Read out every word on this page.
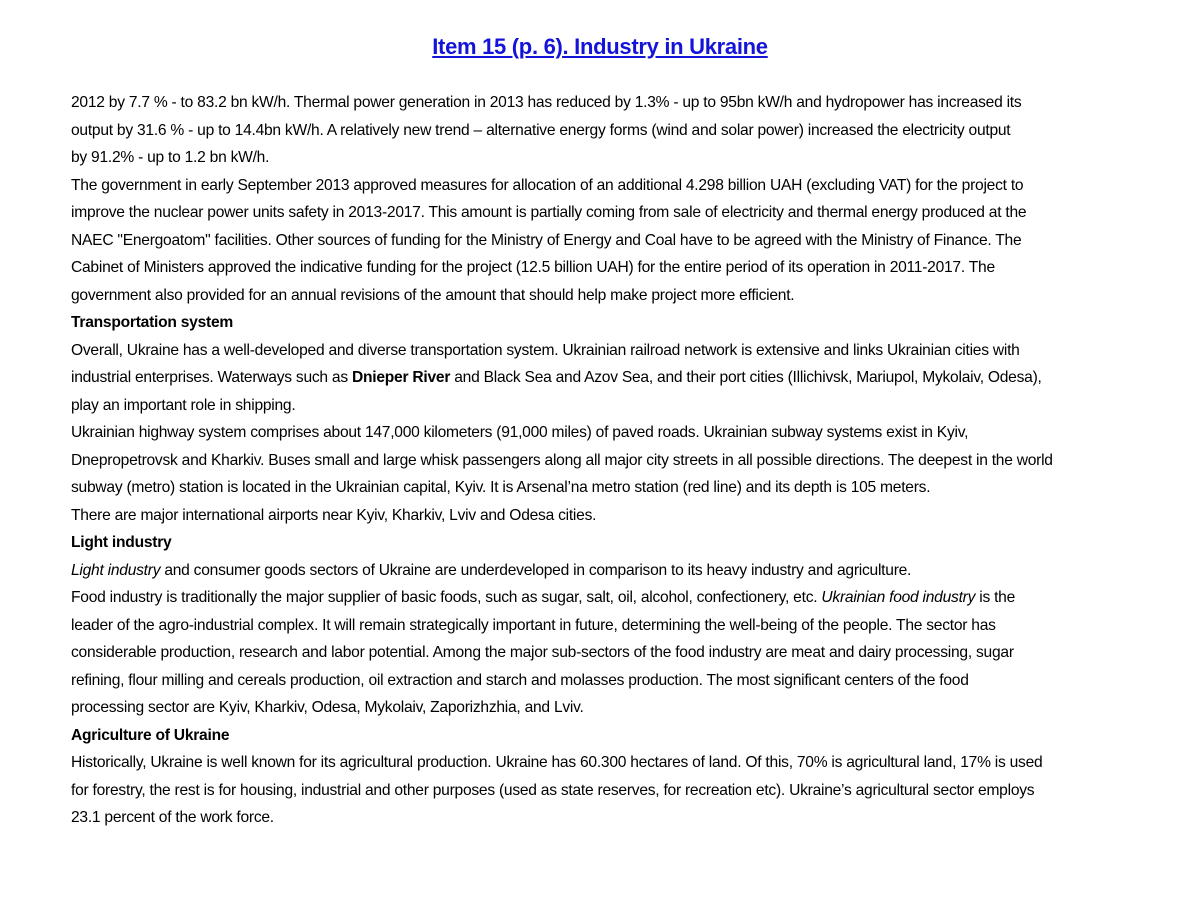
Item 15 (p. 6). Industry in Ukraine
2012 by 7.7 % - to 83.2 bn kW/h. Thermal power generation in 2013 has reduced by 1.3% - up to 95bn kW/h and hydropower has increased its
output by 31.6 % - up to 14.4bn kW/h. A relatively new trend – alternative energy forms (wind and solar power) increased the electricity output
by 91.2% - up to 1.2 bn kW/h.
The government in early September 2013 approved measures for allocation of an additional 4.298 billion UAH (excluding VAT) for the project to
improve the nuclear power units safety in 2013-2017. This amount is partially coming from sale of electricity and thermal energy produced at the
NAEC "Energoatom" facilities. Other sources of funding for the Ministry of Energy and Coal have to be agreed with the Ministry of Finance. The
Cabinet of Ministers approved the indicative funding for the project (12.5 billion UAH) for the entire period of its operation in 2011-2017. The
government also provided for an annual revisions of the amount that should help make project more efficient.
Transportation system
Overall, Ukraine has a well-developed and diverse transportation system. Ukrainian railroad network is extensive and links Ukrainian cities with
industrial enterprises. Waterways such as Dnieper River and Black Sea and Azov Sea, and their port cities (Illichivsk, Mariupol, Mykolaiv, Odesa),
play an important role in shipping.
Ukrainian highway system comprises about 147,000 kilometers (91,000 miles) of paved roads. Ukrainian subway systems exist in Kyiv,
Dnepropetrovsk and Kharkiv. Buses small and large whisk passengers along all major city streets in all possible directions. The deepest in the world
subway (metro) station is located in the Ukrainian capital, Kyiv. It is Arsenal’na metro station (red line) and its depth is 105 meters.
There are major international airports near Kyiv, Kharkiv, Lviv and Odesa cities.
Light industry
Light industry and consumer goods sectors of Ukraine are underdeveloped in comparison to its heavy industry and agriculture.
Food industry is traditionally the major supplier of basic foods, such as sugar, salt, oil, alcohol, confectionery, etc. Ukrainian food industry is the
leader of the agro-industrial complex. It will remain strategically important in future, determining the well-being of the people. The sector has
considerable production, research and labor potential. Among the major sub-sectors of the food industry are meat and dairy processing, sugar
refining, flour milling and cereals production, oil extraction and starch and molasses production. The most significant centers of the food
processing sector are Kyiv, Kharkiv, Odesa, Mykolaiv, Zaporizhzhia, and Lviv.
Agriculture of Ukraine
Historically, Ukraine is well known for its agricultural production. Ukraine has 60.300 hectares of land. Of this, 70% is agricultural land, 17% is used
for forestry, the rest is for housing, industrial and other purposes (used as state reserves, for recreation etc). Ukraine’s agricultural sector employs
23.1 percent of the work force.
